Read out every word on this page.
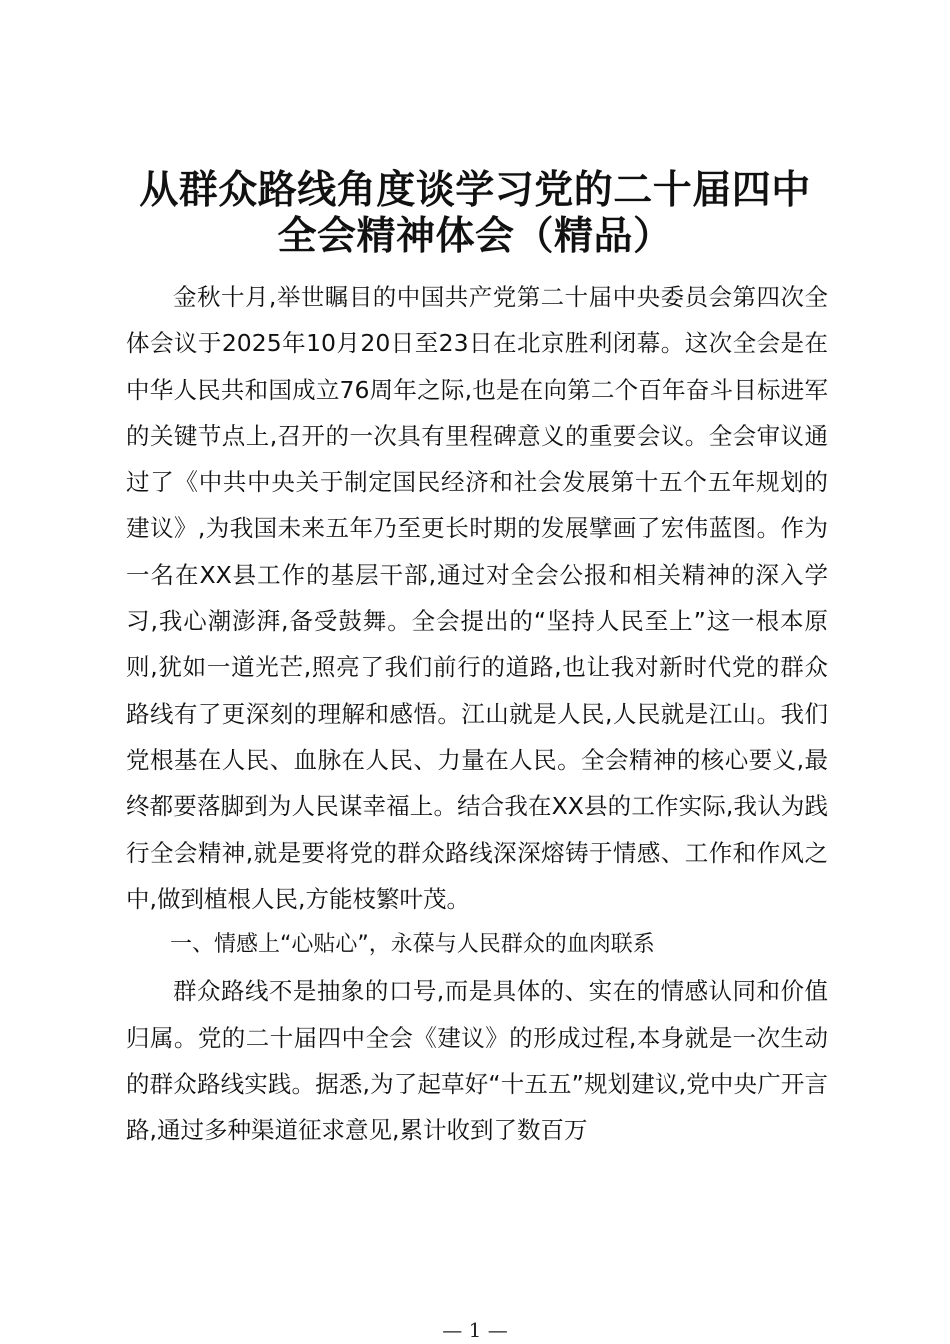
从群众路线角度谈学习党的二十届四中
全会精神体会（精品）

金秋十月,举世瞩目的中国共产党第二十届中央委员会第四次全体会议于2025年10月20日至23日在北京胜利闭幕。这次全会是在中华人民共和国成立76周年之际,也是在向第二个百年奋斗目标进军的关键节点上,召开的一次具有里程碑意义的重要会议。全会审议通过了《中共中央关于制定国民经济和社会发展第十五个五年规划的建议》,为我国未来五年乃至更长时期的发展擘画了宏伟蓝图。作为一名在XX县工作的基层干部,通过对全会公报和相关精神的深入学习,我心潮澎湃,备受鼓舞。全会提出的“坚持人民至上”这一根本原则,犹如一道光芒,照亮了我们前行的道路,也让我对新时代党的群众路线有了更深刻的理解和感悟。江山就是人民,人民就是江山。我们党根基在人民、血脉在人民、力量在人民。全会精神的核心要义,最终都要落脚到为人民谋幸福上。结合我在XX县的工作实际,我认为践行全会精神,就是要将党的群众路线深深熔铸于情感、工作和作风之中,做到植根人民,方能枝繁叶茂。

一、情感上“心贴心”，永葆与人民群众的血肉联系

群众路线不是抽象的口号,而是具体的、实在的情感认同和价值归属。党的二十届四中全会《建议》的形成过程,本身就是一次生动的群众路线实践。据悉,为了起草好“十五五”规划建议,党中央广开言路,通过多种渠道征求意见,累计收到了数百万

— 1 —
